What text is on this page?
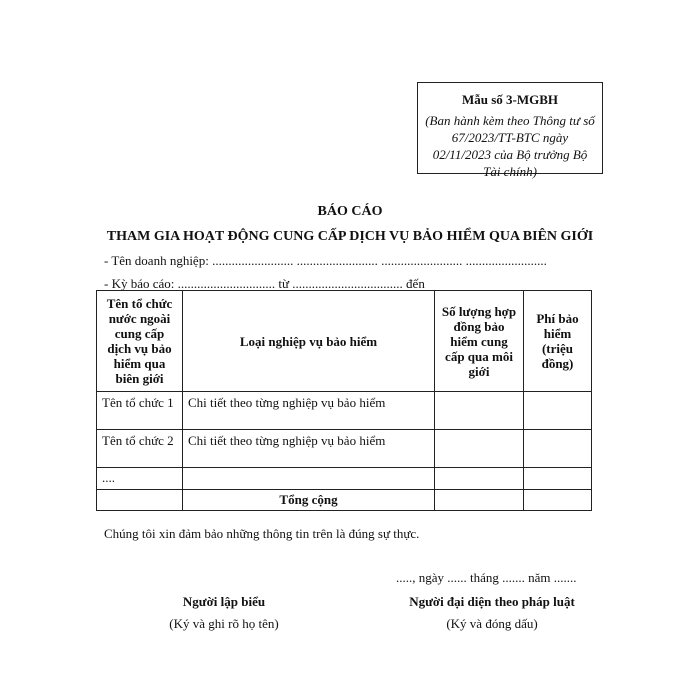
Mẫu số 3-MGBH
(Ban hành kèm theo Thông tư số 67/2023/TT-BTC ngày 02/11/2023 của Bộ trưởng Bộ Tài chính)
BÁO CÁO
THAM GIA HOẠT ĐỘNG CUNG CẤP DỊCH VỤ BẢO HIỂM QUA BIÊN GIỚI
- Tên doanh nghiệp: ......................... ......................... ......................... .........................
- Kỳ báo cáo: .............................. từ .................................. đến
Tên tổ chức nước ngoài cung cấp dịch vụ bảo hiểm qua biên giới	Loại nghiệp vụ bảo hiểm	Số lượng hợp đồng bảo hiểm cung cấp qua môi giới	Phí bảo hiểm (triệu đồng)
Tên tổ chức 1	Chi tiết theo từng nghiệp vụ bảo hiểm		
Tên tổ chức 2	Chi tiết theo từng nghiệp vụ bảo hiểm		
....			
	Tổng cộng		
Chúng tôi xin đảm bảo những thông tin trên là đúng sự thực.
....., ngày ...... tháng ....... năm .......
Người lập biểu
(Ký và ghi rõ họ tên)
Người đại diện theo pháp luật
(Ký và đóng dấu)
